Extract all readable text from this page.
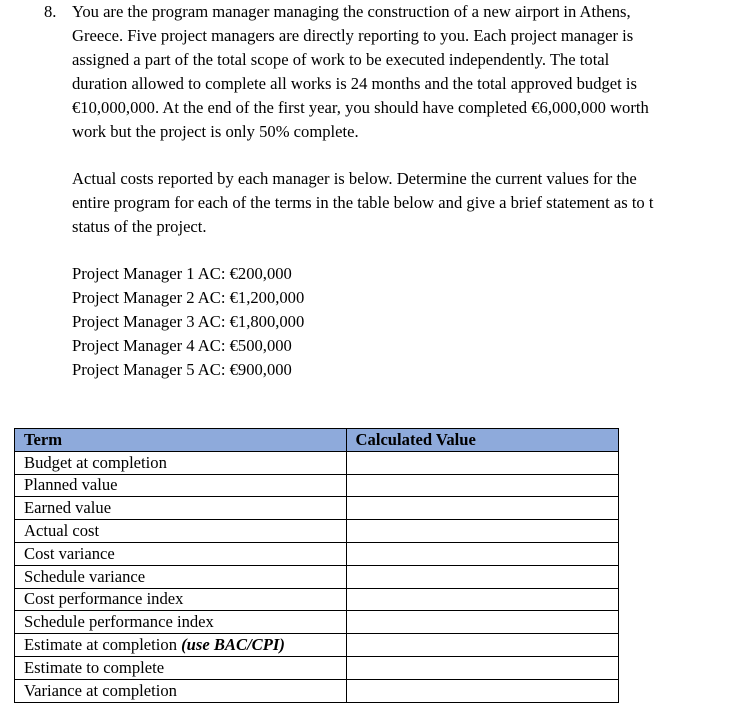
8. You are the program manager managing the construction of a new airport in Athens,
Greece. Five project managers are directly reporting to you. Each project manager is
assigned a part of the total scope of work to be executed independently. The total
duration allowed to complete all works is 24 months and the total approved budget is
€10,000,000. At the end of the first year, you should have completed €6,000,000 worth
work but the project is only 50% complete.
Actual costs reported by each manager is below. Determine the current values for the
entire program for each of the terms in the table below and give a brief statement as to t
status of the project.
Project Manager 1 AC: €200,000
Project Manager 2 AC: €1,200,000
Project Manager 3 AC: €1,800,000
Project Manager 4 AC: €500,000
Project Manager 5 AC: €900,000
Term	Calculated Value
Budget at completion	
Planned value	
Earned value	
Actual cost	
Cost variance	
Schedule variance	
Cost performance index	
Schedule performance index	
Estimate at completion (use BAC/CPI)	
Estimate to complete	
Variance at completion	
